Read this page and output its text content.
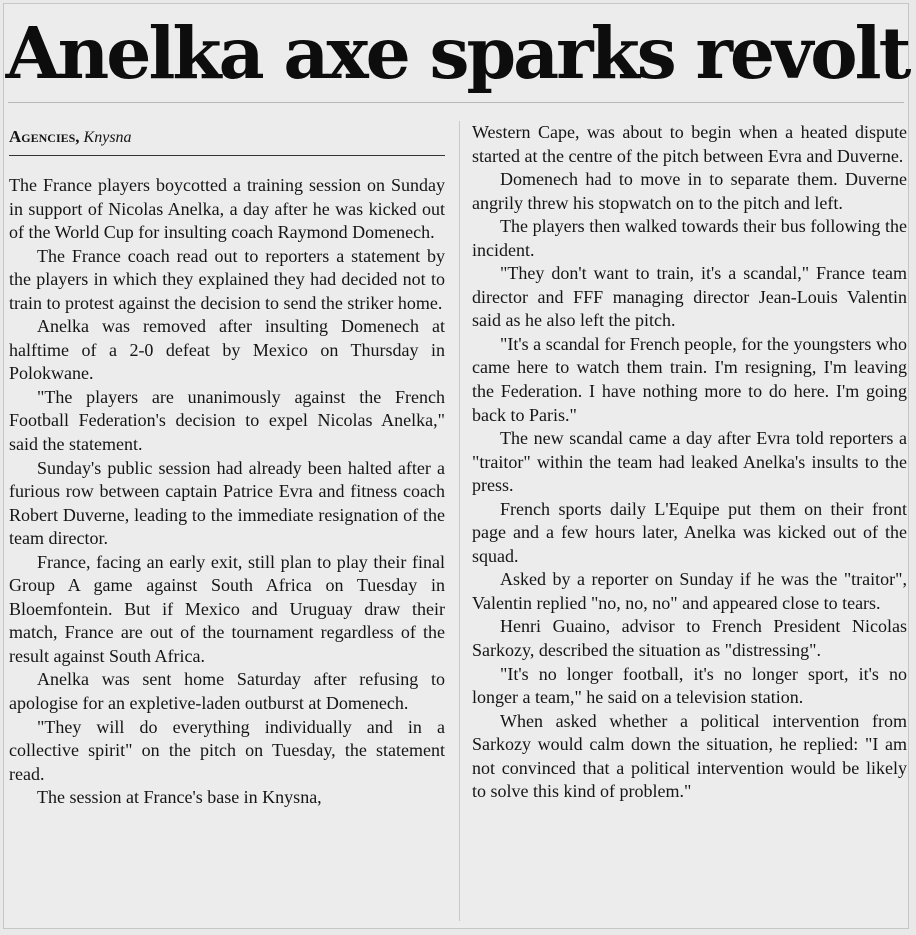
Anelka axe sparks revolt
Agencies, Knysna

The France players boycotted a training session on Sunday in support of Nicolas Anelka, a day after he was kicked out of the World Cup for insulting coach Raymond Domenech.

The France coach read out to reporters a statement by the players in which they explained they had decided not to train to protest against the decision to send the striker home.

Anelka was removed after insulting Domenech at halftime of a 2-0 defeat by Mexico on Thursday in Polokwane.

"The players are unanimously against the French Football Federation's decision to expel Nicolas Anelka," said the statement.

Sunday's public session had already been halted after a furious row between captain Patrice Evra and fitness coach Robert Duverne, leading to the immediate resignation of the team director.

France, facing an early exit, still plan to play their final Group A game against South Africa on Tuesday in Bloemfontein. But if Mexico and Uruguay draw their match, France are out of the tournament regardless of the result against South Africa.

Anelka was sent home Saturday after refusing to apologise for an expletive-laden outburst at Domenech.

"They will do everything individually and in a collective spirit" on the pitch on Tuesday, the statement read.

The session at France's base in Knysna,

Western Cape, was about to begin when a heated dispute started at the centre of the pitch between Evra and Duverne.

Domenech had to move in to separate them. Duverne angrily threw his stopwatch on to the pitch and left.

The players then walked towards their bus following the incident.

"They don't want to train, it's a scandal," France team director and FFF managing director Jean-Louis Valentin said as he also left the pitch.

"It's a scandal for French people, for the youngsters who came here to watch them train. I'm resigning, I'm leaving the Federation. I have nothing more to do here. I'm going back to Paris."

The new scandal came a day after Evra told reporters a "traitor" within the team had leaked Anelka's insults to the press.

French sports daily L'Equipe put them on their front page and a few hours later, Anelka was kicked out of the squad.

Asked by a reporter on Sunday if he was the "traitor", Valentin replied "no, no, no" and appeared close to tears.

Henri Guaino, advisor to French President Nicolas Sarkozy, described the situation as "distressing".

"It's no longer football, it's no longer sport, it's no longer a team," he said on a television station.

When asked whether a political intervention from Sarkozy would calm down the situation, he replied: "I am not convinced that a political intervention would be likely to solve this kind of problem."
